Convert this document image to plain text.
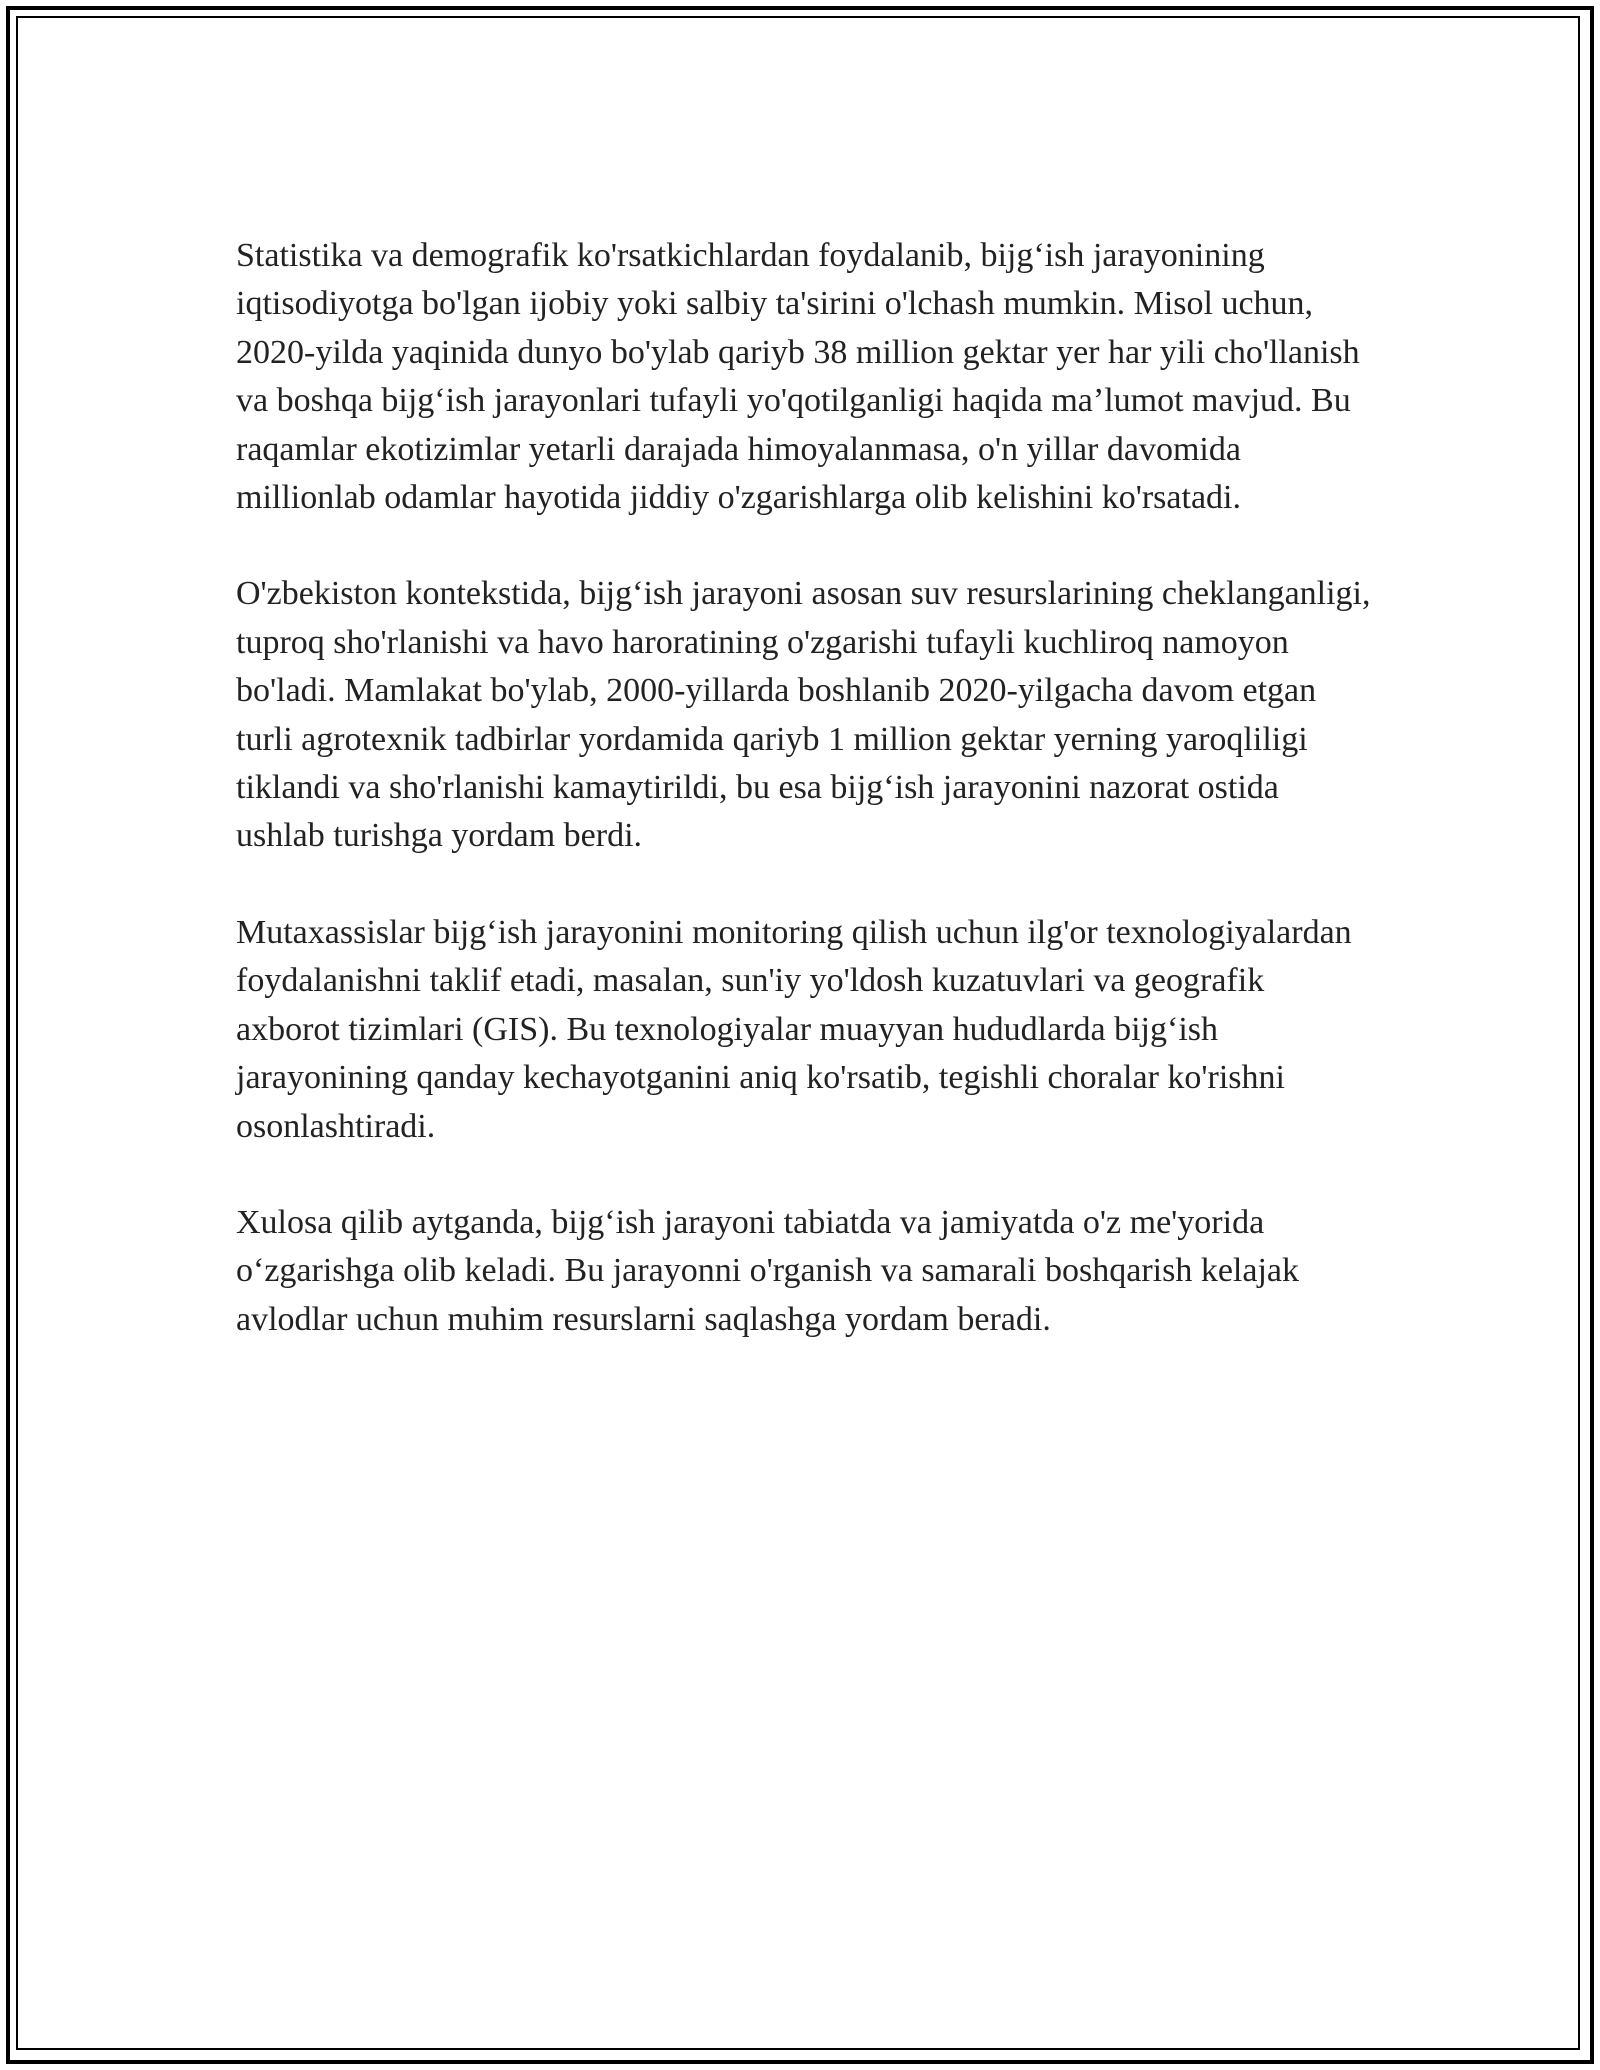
Statistika va demografik ko'rsatkichlardan foydalanib, bijg‘ish jarayonining iqtisodiyotga bo'lgan ijobiy yoki salbiy ta'sirini o'lchash mumkin. Misol uchun, 2020-yilda yaqinida dunyo bo'ylab qariyb 38 million gektar yer har yili cho'llanish va boshqa bijg‘ish jarayonlari tufayli yo'qotilganligi haqida ma’lumot mavjud. Bu raqamlar ekotizimlar yetarli darajada himoyalanmasa, o'n yillar davomida millionlab odamlar hayotida jiddiy o'zgarishlarga olib kelishini ko'rsatadi.

O'zbekiston kontekstida, bijg‘ish jarayoni asosan suv resurslarining cheklanganligi, tuproq sho'rlanishi va havo haroratining o'zgarishi tufayli kuchliroq namoyon bo'ladi. Mamlakat bo'ylab, 2000-yillarda boshlanib 2020-yilgacha davom etgan turli agrotexnik tadbirlar yordamida qariyb 1 million gektar yerning yaroqliligi tiklandi va sho'rlanishi kamaytirildi, bu esa bijg‘ish jarayonini nazorat ostida ushlab turishga yordam berdi.

Mutaxassislar bijg‘ish jarayonini monitoring qilish uchun ilg'or texnologiyalardan foydalanishni taklif etadi, masalan, sun'iy yo'ldosh kuzatuvlari va geografik axborot tizimlari (GIS). Bu texnologiyalar muayyan hududlarda bijg‘ish jarayonining qanday kechayotganini aniq ko'rsatib, tegishli choralar ko'rishni osonlashtiradi.

Xulosa qilib aytganda, bijg‘ish jarayoni tabiatda va jamiyatda o'z me'yorida o‘zgarishga olib keladi. Bu jarayonni o'rganish va samarali boshqarish kelajak avlodlar uchun muhim resurslarni saqlashga yordam beradi.
